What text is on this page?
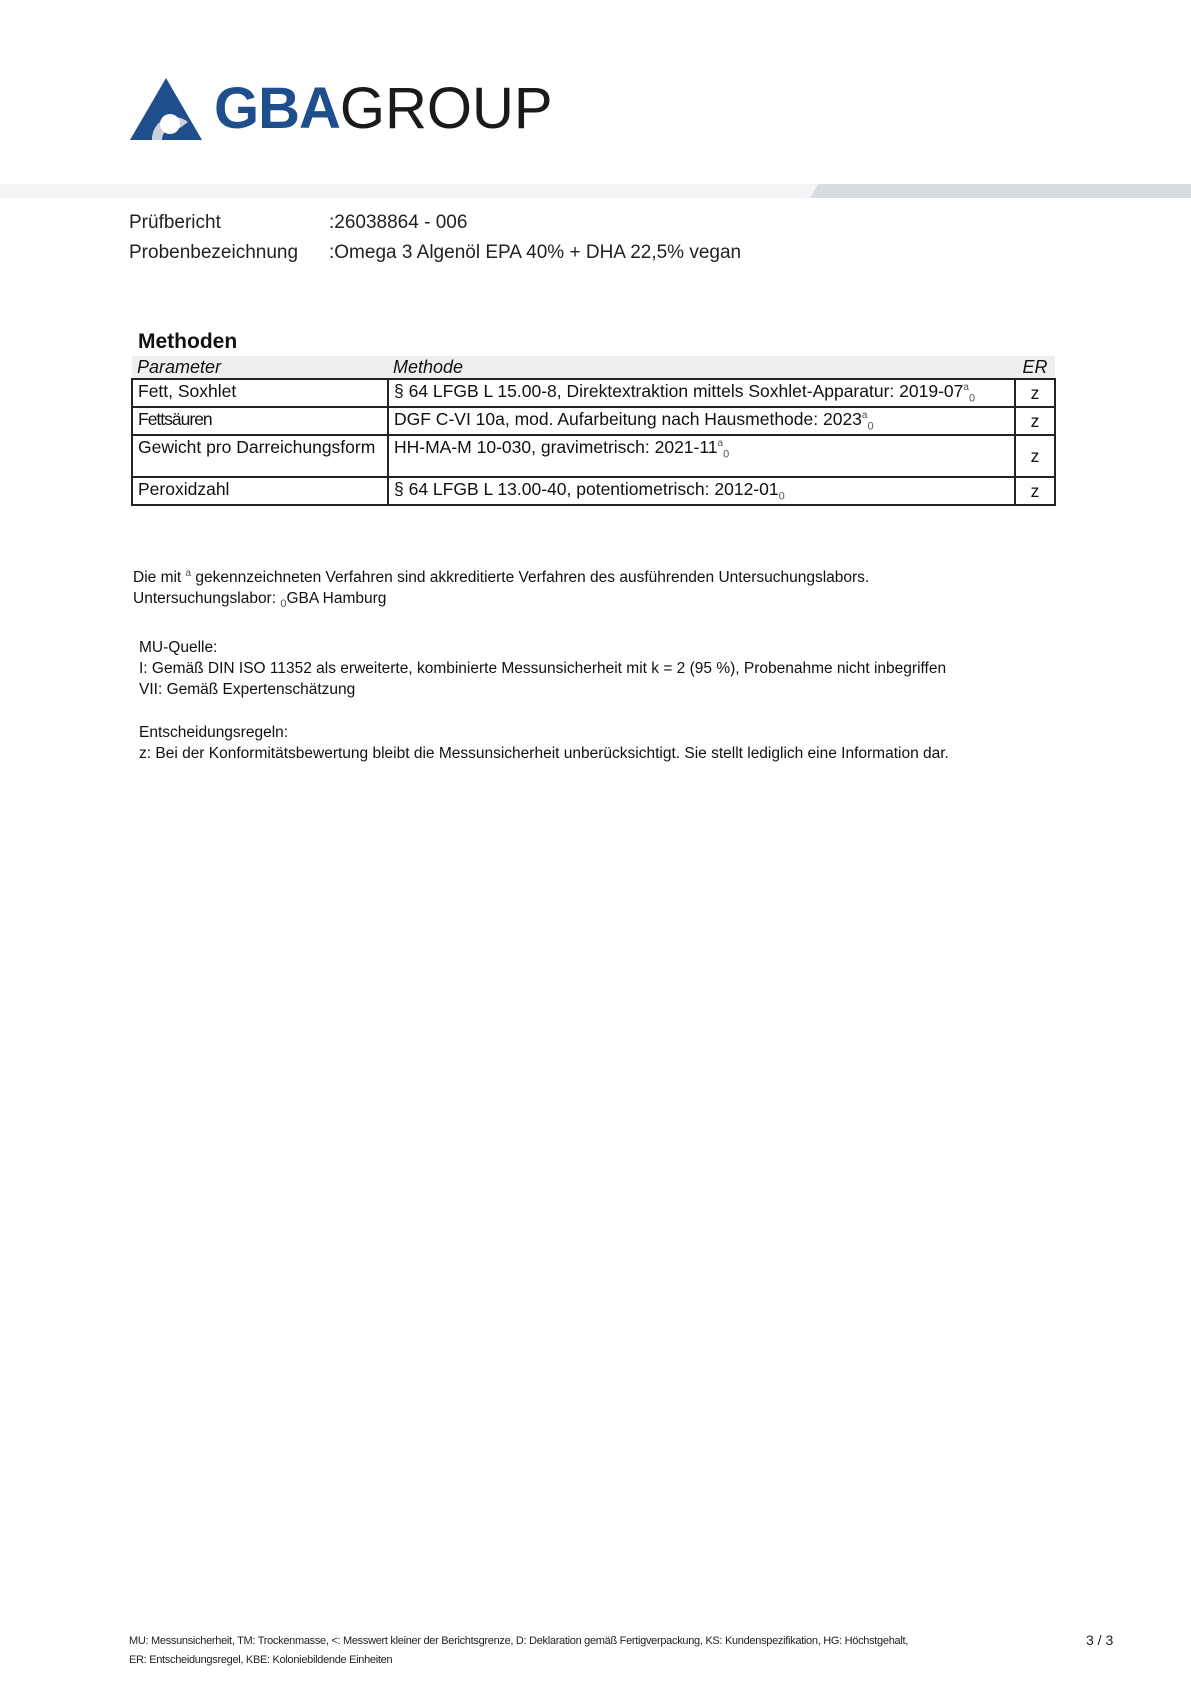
GBAGROUP
Prüfbericht	:26038864 - 006
Probenbezeichnung	:Omega 3 Algenöl EPA 40% + DHA 22,5% vegan
Methoden
Parameter	Methode	ER
Fett, Soxhlet	§ 64 LFGB L 15.00-8, Direktextraktion mittels Soxhlet-Apparatur: $2019-07^a_0$	z
Fettsäuren	DGF C-VI 10a, mod. Aufarbeitung nach Hausmethode: $2023^a_0$	z
Gewicht pro Darreichungsform	HH-MA-M 10-030, gravimetrisch: $2021-11^a_0$	z
Peroxidzahl	§ 64 LFGB L 13.00-40, potentiometrisch: $2012-01_0$	z

Die mit $^a$ gekennzeichneten Verfahren sind akkreditierte Verfahren des ausführenden Untersuchungslabors.

Untersuchungslabor: $_0$GBA Hamburg

MU-Quelle:

I: Gemäß DIN ISO 11352 als erweiterte, kombinierte Messunsicherheit mit k = 2 (95 %), Probenahme nicht inbegriffen

VII: Gemäß Expertenschätzung

Entscheidungsregeln:

z: Bei der Konformitätsbewertung bleibt die Messunsicherheit unberücksichtigt. Sie stellt lediglich eine Information dar.

MU: Messunsicherheit, TM: Trockenmasse, <: Messwert kleiner der Berichtsgrenze, D: Deklaration gemäß Fertigverpackung, KS: Kundenspezifikation, HG: Höchstgehalt,
ER: Entscheidungsregel, KBE: Koloniebildende Einheiten
3 / 3
